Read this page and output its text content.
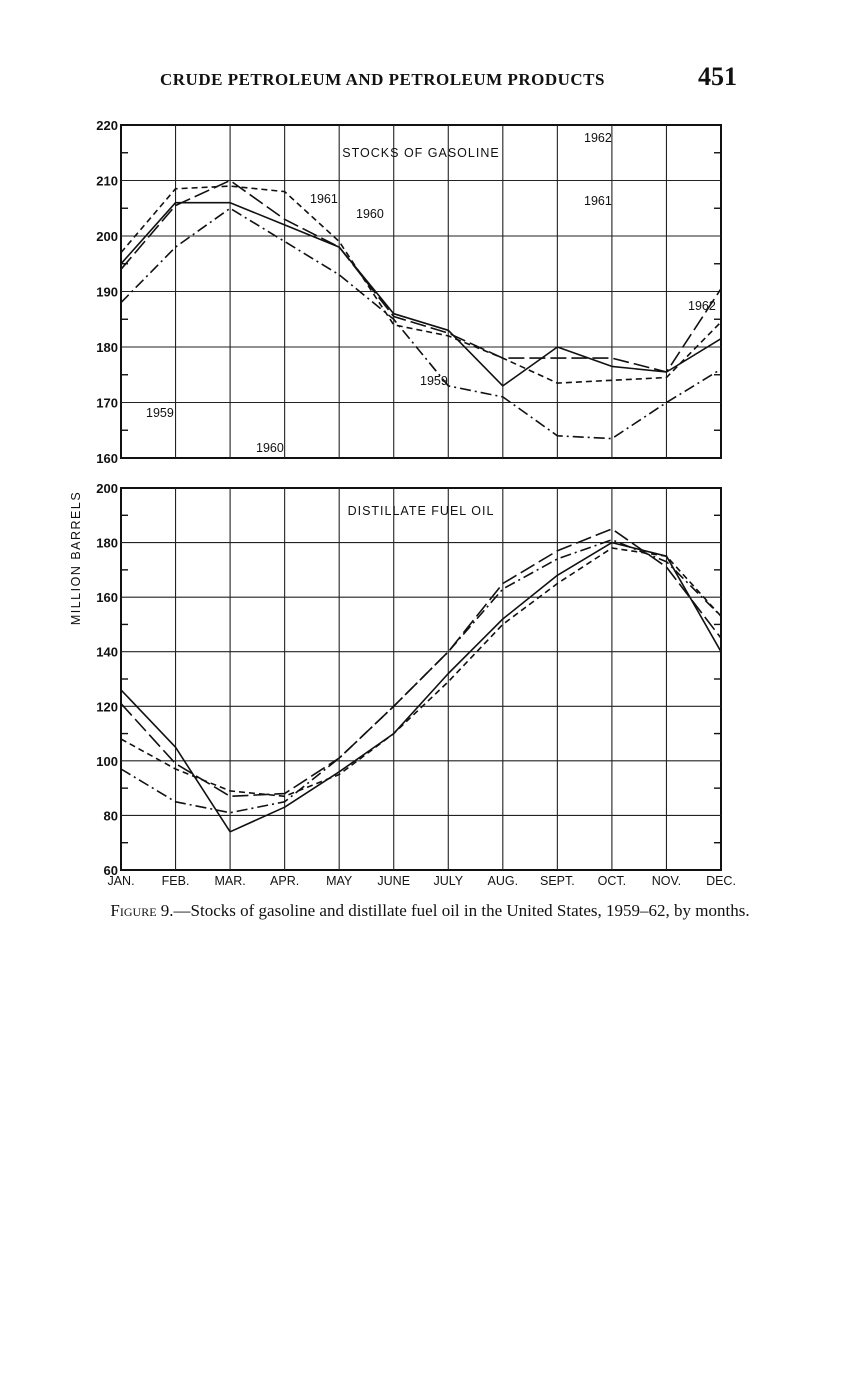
CRUDE PETROLEUM AND PETROLEUM PRODUCTS	451
160
170
180
190
200
210
220
STOCKS OF GASOLINE
1959
1960
1961
1962
60
80
100
120
140
160
180
200
DISTILLATE FUEL OIL
1959
1960
1961
1962
JAN. FEB. MAR. APR. MAY JUNE JULY AUG. SEPT. OCT. NOV. DEC.
MILLION BARRELS
Figure 9.—Stocks of gasoline and distillate fuel oil in the United States, 1959–62, by months.
